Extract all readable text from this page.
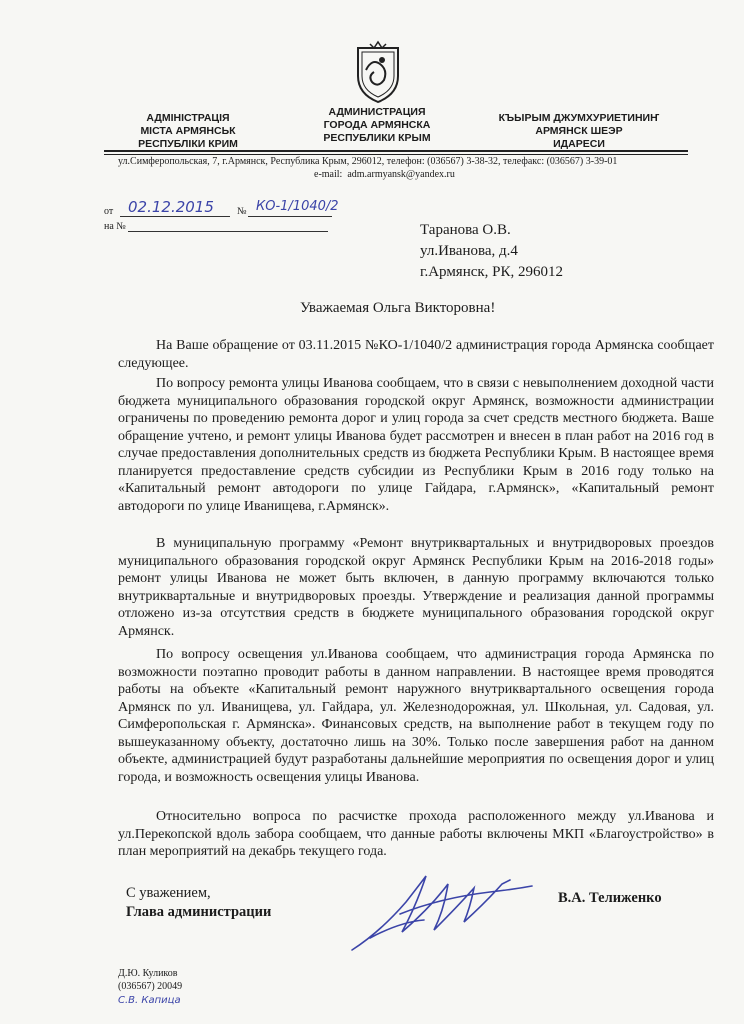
АДМІНІСТРАЦІЯ
МІСТА АРМЯНСЬК
РЕСПУБЛІКИ КРИМ
АДМИНИСТРАЦИЯ
ГОРОДА АРМЯНСКА
РЕСПУБЛИКИ КРЫМ
КЪЫРЫМ ДЖУМХУРИЕТИНИҤ
АРМЯНСК ШЕЭР
ИДАРЕСИ
ул.Симферопольская, 7, г.Армянск, Республика Крым, 296012, телефон: (036567) 3-38-32, телефакс: (036567) 3-39-01
e-mail: adm.armyansk@yandex.ru
от 02.12.2015 № КО-1/1040/2
на №	Таранова О.В.
ул.Иванова, д.4
г.Армянск, РК, 296012
Уважаемая Ольга Викторовна!
На Ваше обращение от 03.11.2015 №КО-1/1040/2 администрация города Армянска сообщает следующее.
По вопросу ремонта улицы Иванова сообщаем, что в связи с невыполнением доходной части бюджета муниципального образования городской округ Армянск, возможности администрации ограничены по проведению ремонта дорог и улиц города за счет средств местного бюджета. Ваше обращение учтено, и ремонт улицы Иванова будет рассмотрен и внесен в план работ на 2016 год в случае предоставления дополнительных средств из бюджета Республики Крым. В настоящее время планируется предоставление средств субсидии из Республики Крым в 2016 году только на «Капитальный ремонт автодороги по улице Гайдара, г.Армянск», «Капитальный ремонт автодороги по улице Иванищева, г.Армянск».
В муниципальную программу «Ремонт внутриквартальных и внутридворовых проездов муниципального образования городской округ Армянск Республики Крым на 2016-2018 годы» ремонт улицы Иванова не может быть включен, в данную программу включаются только внутриквартальные и внутридворовых проезды. Утверждение и реализация данной программы отложено из-за отсутствия средств в бюджете муниципального образования городской округ Армянск.
По вопросу освещения ул.Иванова сообщаем, что администрация города Армянска по возможности поэтапно проводит работы в данном направлении. В настоящее время проводятся работы на объекте «Капитальный ремонт наружного внутриквартального освещения города Армянск по ул. Иванищева, ул. Гайдара, ул. Железнодорожная, ул. Школьная, ул. Садовая, ул. Симферопольская г. Армянска». Финансовых средств, на выполнение работ в текущем году по вышеуказанному объекту, достаточно лишь на 30%. Только после завершения работ на данном объекте, администрацией будут разработаны дальнейшие мероприятия по освещения дорог и улиц города, и возможность освещения улицы Иванова.
Относительно вопроса по расчистке прохода расположенного между ул.Иванова и ул.Перекопской вдоль забора сообщаем, что данные работы включены МКП «Благоустройство» в план мероприятий на декабрь текущего года.
С уважением,
Глава администрации
В.А. Телиженко
Д.Ю. Куликов
(036567) 20049
С.В. Капица
